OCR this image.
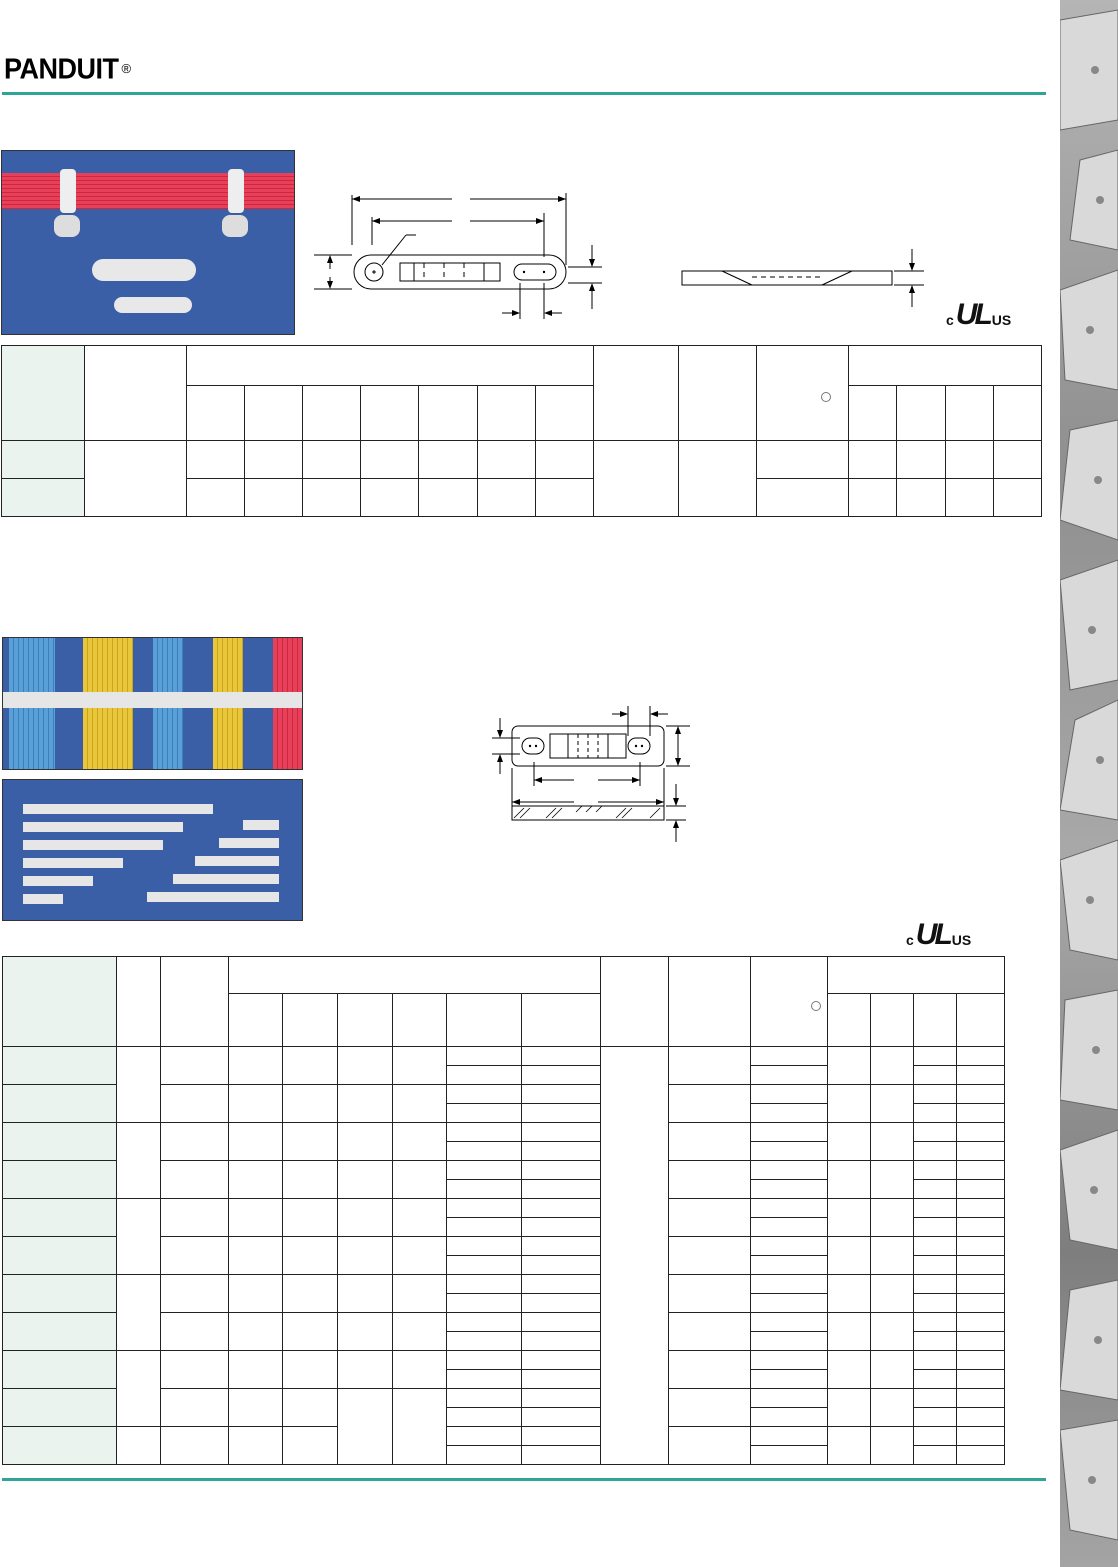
PANDUIT ®
c UL US

c UL US
